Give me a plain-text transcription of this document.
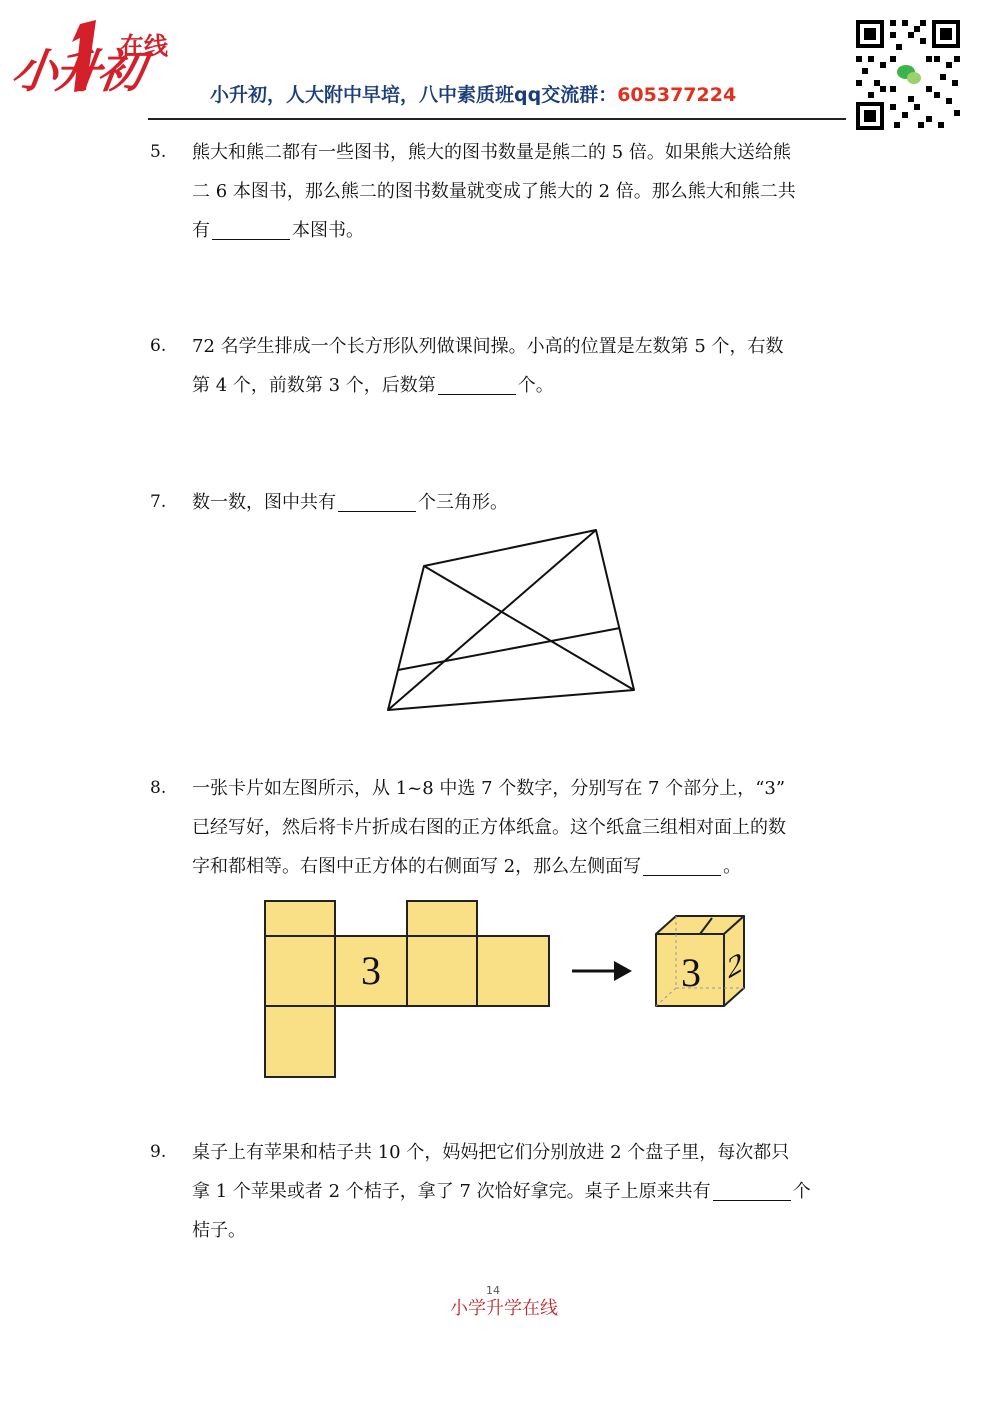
在线
小升初	小升初，人大附中早培，八中素质班qq交流群：605377224
5. 熊大和熊二都有一些图书，熊大的图书数量是熊二的 5 倍。如果熊大送给熊
二 6 本图书，那么熊二的图书数量就变成了熊大的 2 倍。那么熊大和熊二共
有	本图书。
6. 72 名学生排成一个长方形队列做课间操。小高的位置是左数第 5 个，右数
第 4 个，前数第 3 个，后数第	个。
7. 数一数，图中共有	个三角形。
8. 一张卡片如左图所示，从 1~8 中选 7 个数字，分别写在 7 个部分上，“3”
已经写好，然后将卡片折成右图的正方体纸盒。这个纸盒三组相对面上的数
字和都相等。右图中正方体的右侧面写 2，那么左侧面写	。
3	3 2
9. 桌子上有苹果和桔子共 10 个，妈妈把它们分别放进 2 个盘子里，每次都只
拿 1 个苹果或者 2 个桔子，拿了 7 次恰好拿完。桌子上原来共有	个
桔子。
14
小学升学在线
